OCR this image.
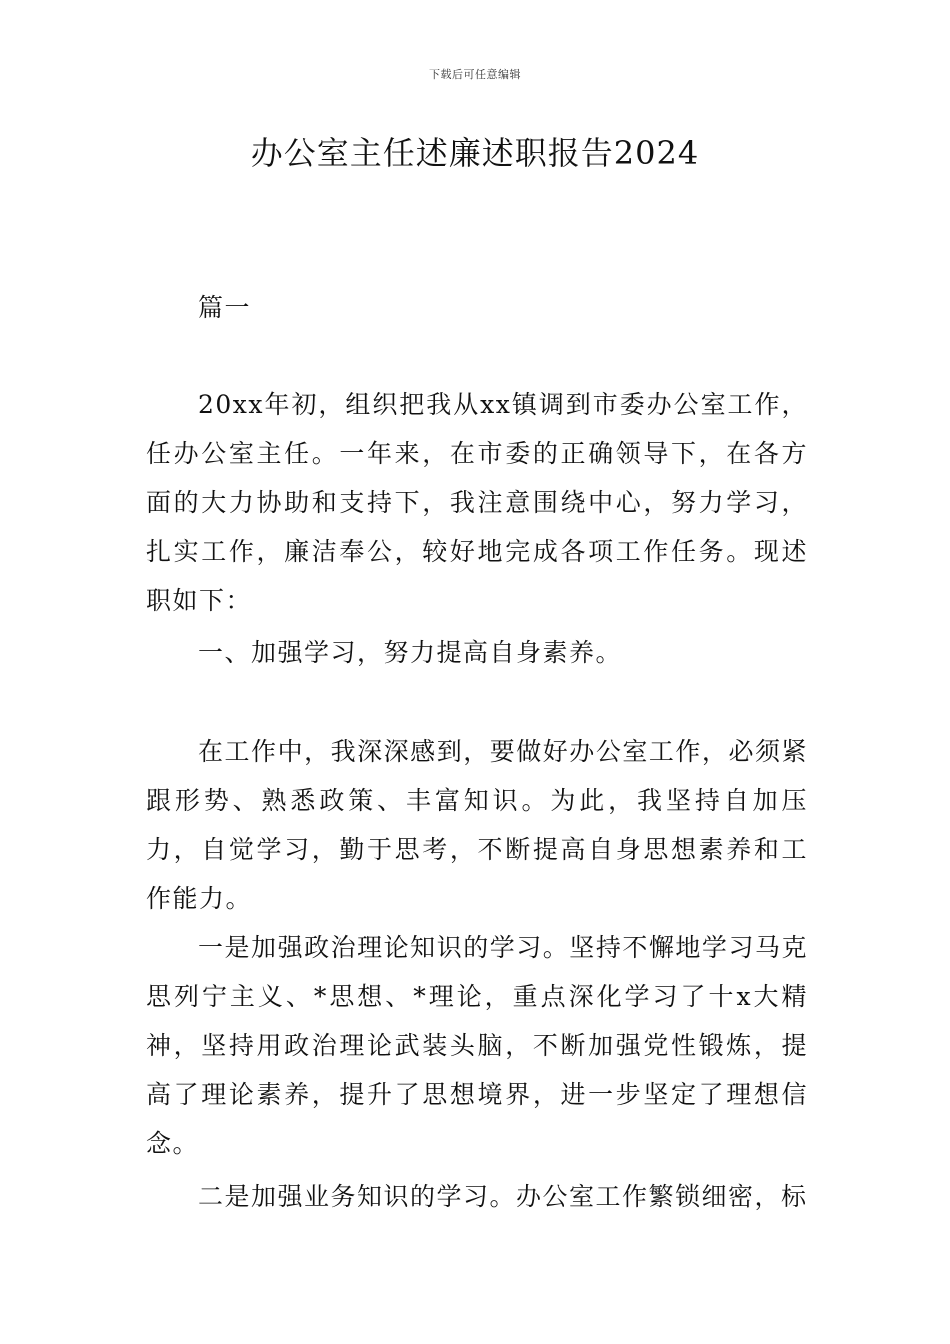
下载后可任意编辑
办公室主任述廉述职报告2024

篇一

20xx年初，组织把我从xx镇调到市委办公室工作，任办公室主任。一年来，在市委的正确领导下，在各方面的大力协助和支持下，我注意围绕中心，努力学习，扎实工作，廉洁奉公，较好地完成各项工作任务。现述职如下：

一、加强学习，努力提高自身素养。

在工作中，我深深感到，要做好办公室工作，必须紧跟形势、熟悉政策、丰富知识。为此，我坚持自加压力，自觉学习，勤于思考，不断提高自身思想素养和工作能力。

一是加强政治理论知识的学习。坚持不懈地学习马克思列宁主义、*思想、*理论，重点深化学习了十x大精神，坚持用政治理论武装头脑，不断加强党性锻炼，提高了理论素养，提升了思想境界，进一步坚定了理想信念。

二是加强业务知识的学习。办公室工作繁锁细密，标
